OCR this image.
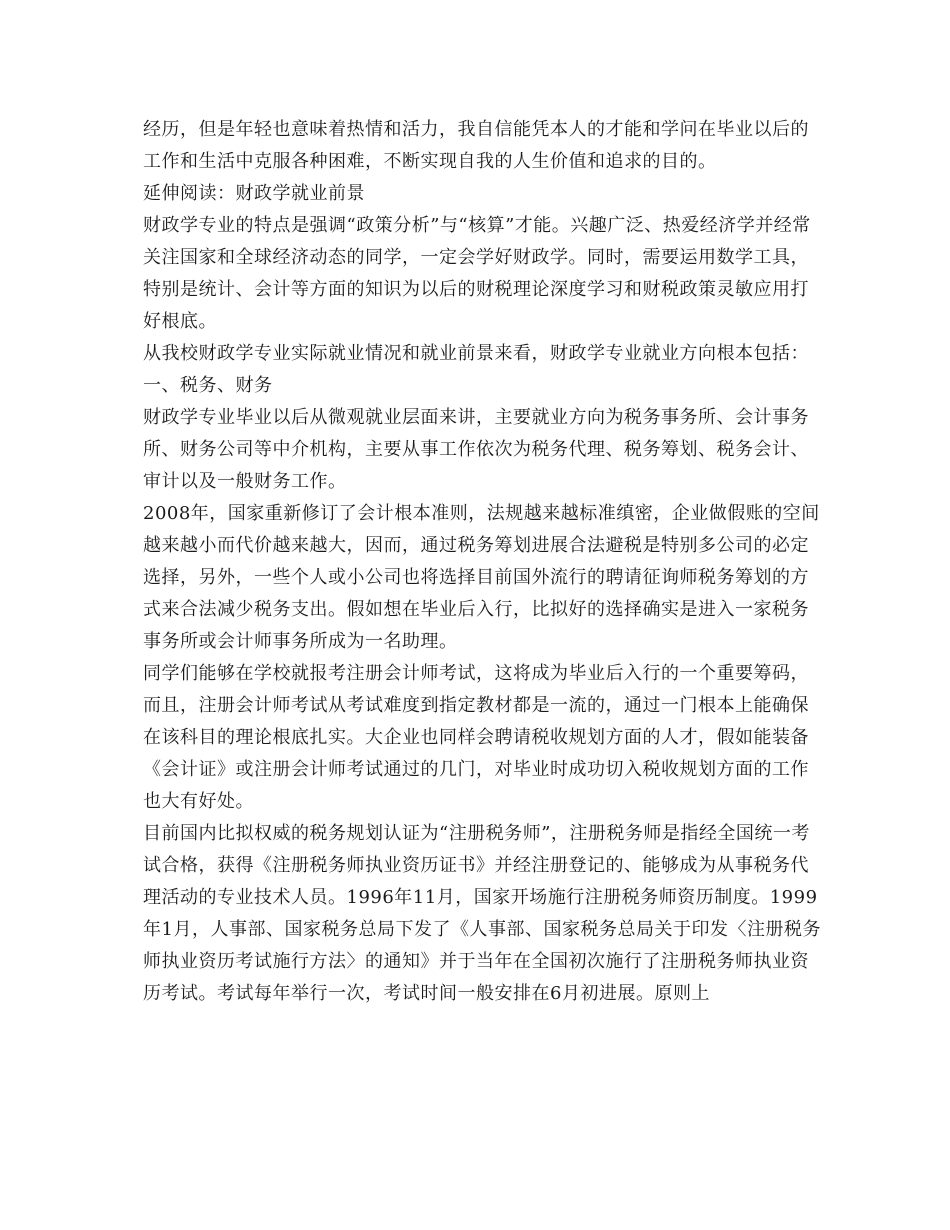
经历，但是年轻也意味着热情和活力，我自信能凭本人的才能和学问在毕业以后的工作和生活中克服各种困难，不断实现自我的人生价值和追求的目的。

延伸阅读：财政学就业前景

财政学专业的特点是强调“政策分析”与“核算”才能。兴趣广泛、热爱经济学并经常关注国家和全球经济动态的同学，一定会学好财政学。同时，需要运用数学工具，特别是统计、会计等方面的知识为以后的财税理论深度学习和财税政策灵敏应用打好根底。

从我校财政学专业实际就业情况和就业前景来看，财政学专业就业方向根本包括：

一、税务、财务

财政学专业毕业以后从微观就业层面来讲，主要就业方向为税务事务所、会计事务所、财务公司等中介机构，主要从事工作依次为税务代理、税务筹划、税务会计、审计以及一般财务工作。

2008年，国家重新修订了会计根本准则，法规越来越标准缜密，企业做假账的空间越来越小而代价越来越大，因而，通过税务筹划进展合法避税是特别多公司的必定选择，另外，一些个人或小公司也将选择目前国外流行的聘请征询师税务筹划的方式来合法减少税务支出。假如想在毕业后入行，比拟好的选择确实是进入一家税务事务所或会计师事务所成为一名助理。

同学们能够在学校就报考注册会计师考试，这将成为毕业后入行的一个重要筹码，而且，注册会计师考试从考试难度到指定教材都是一流的，通过一门根本上能确保在该科目的理论根底扎实。大企业也同样会聘请税收规划方面的人才，假如能装备《会计证》或注册会计师考试通过的几门，对毕业时成功切入税收规划方面的工作也大有好处。

目前国内比拟权威的税务规划认证为“注册税务师”，注册税务师是指经全国统一考试合格，获得《注册税务师执业资历证书》并经注册登记的、能够成为从事税务代理活动的专业技术人员。1996年11月，国家开场施行注册税务师资历制度。1999年1月，人事部、国家税务总局下发了《人事部、国家税务总局关于印发〈注册税务师执业资历考试施行方法〉的通知》并于当年在全国初次施行了注册税务师执业资历考试。考试每年举行一次，考试时间一般安排在6月初进展。原则上
